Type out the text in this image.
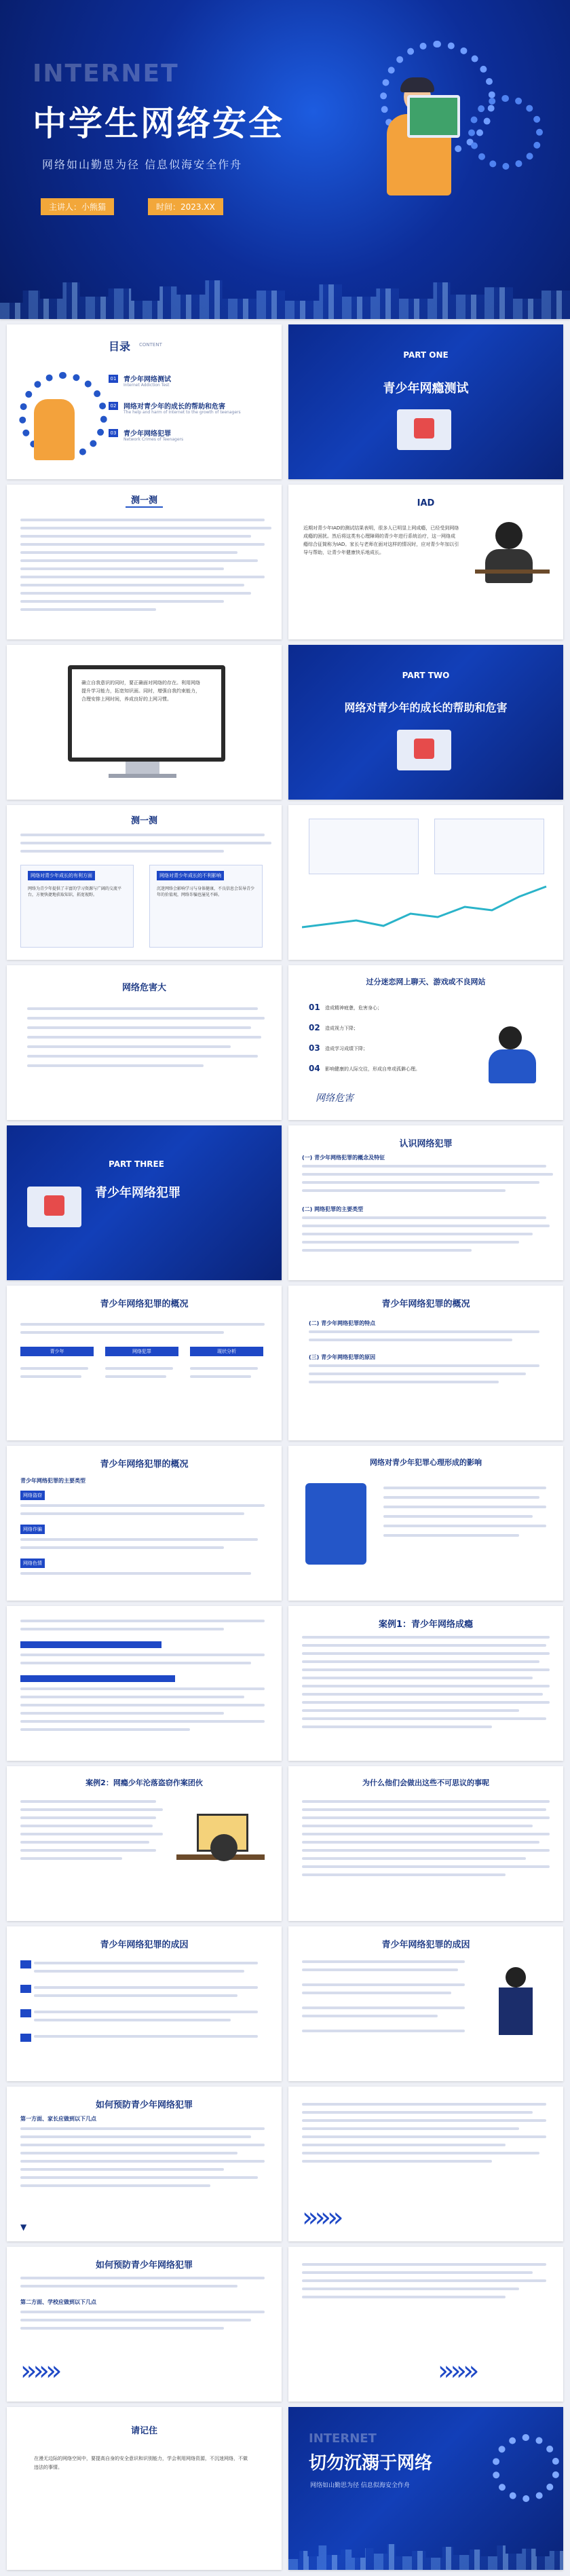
INTERNET
中学生网络安全
网络如山勤思为径 信息似海安全作舟
主讲人：小熊猫	时间：2023.XX
目录 CONTENT
01 青少年网络测试
Internet Addiction Test
02 网络对青少年的成长的帮助和危害
The help and harm of Internet to the growth of teenagers
03 青少年网络犯罪
Network Crimes of Teenagers
PART ONE
青少年网瘾测试
测一测	IAD
近期对青少年IAD的测试结果表明，很多人已明显上网成瘾，已经受到网络成瘾的困扰。然后将这类有心理障碍的青少年进行系统治疗，这一网络成瘾综合征简称为IAD。家长与老师在面对这样的情况时，应对青少年加以引导与帮助，让青少年健康快乐地成长。
确立自我意识的同时，要正确面对网络的存在。利用网络提升学习能力，拓宽知识面。同时，增强自我约束能力，合理安排上网时间，养成良好的上网习惯。
PART TWO
网络对青少年的成长的帮助和危害
测一测
网络对青少年成长的有利方面
网络为青少年提供了丰富的学习资源与广阔的交流平台，方便快捷地获取知识，拓宽视野。
网络对青少年成长的不利影响
沉迷网络会影响学习与身体健康，不良信息会误导青少年的价值观，网络诈骗也屡见不鲜。
网络危害大
过分迷恋网上聊天、游戏或不良网站
01 造成精神疲惫，危害身心；
02 造成视力下降；
03 造成学习成绩下降；
04 影响健康的人际交往，形成自卑或孤僻心理。
网络危害
PART THREE
青少年网络犯罪
认识网络犯罪
(一) 青少年网络犯罪的概念及特征
(二) 网络犯罪的主要类型
青少年网络犯罪的概况
青少年	网络犯罪	现状分析
青少年网络犯罪的概况
(二) 青少年网络犯罪的特点
(三) 青少年网络犯罪的原因
青少年网络犯罪的概况
青少年网络犯罪的主要类型
网络盗窃
网络诈骗
网络色情
网络对青少年犯罪心理形成的影响
案例1：青少年网络成瘾
案例2：网瘾少年沦落盗窃作案团伙	为什么他们会做出这些不可思议的事呢
青少年网络犯罪的成因	青少年网络犯罪的成因
如何预防青少年网络犯罪
第一方面、家长应做到以下几点
▼	»»»
如何预防青少年网络犯罪
第二方面、学校应做到以下几点
»»»	»»»
请记住
在漫无边际的网络空间中，要提高自身的安全意识和识别能力，学会利用网络资源，不沉迷网络，不做违法的事情。
INTERNET
切勿沉溺于网络
网络如山勤思为径 信息似海安全作舟
